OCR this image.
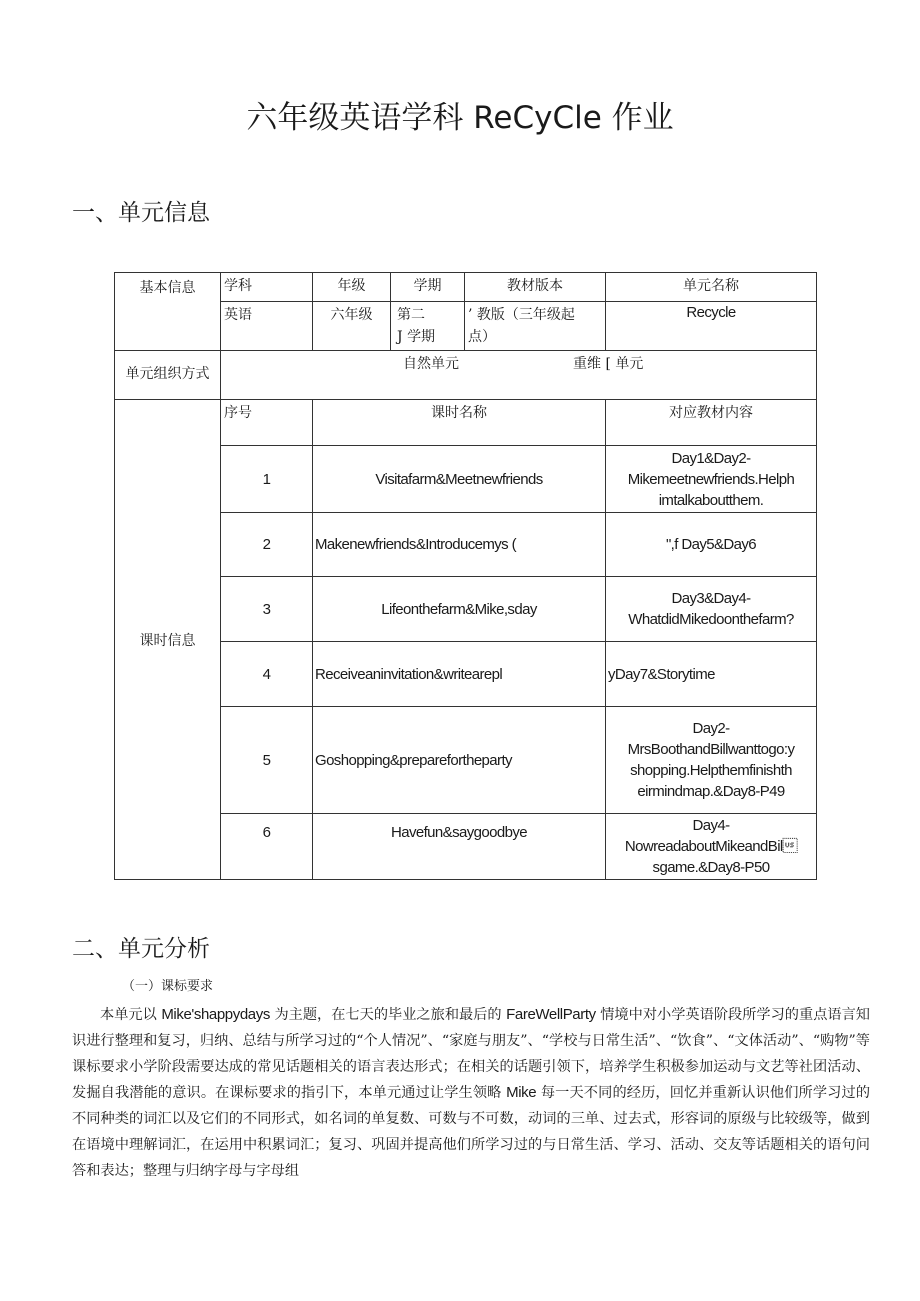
六年级英语学科 ReCyCle 作业
一、单元信息
基本信息	学科	年级	学期	教材版本	单元名称

	英语	六年级	第二
J 学期	’ 教版（三年级起
点）	Recycle

单元组织方式	自然单元 重维 [ 单元				

课时信息	序号	课时名称			对应教材内容

	1	Visitafarm&Meetnewfriends			Day1&Day2-
Mikemeetnewfriends.Helph
imtalkaboutthem.
	2	Makenewfriends&Introducemys (			",f Day5&Day6
	3	Lifeonthefarm&Mike,sday			Day3&Day4-
WhatdidMikedoonthefarm?
	4	Receiveaninvitation&writearepl			yDay7&Storytime
	5	Goshopping&preparefortheparty			Day2-
MrsBoothandBillwanttogo:y
shopping.Helpthemfinishth
eirmindmap.&Day8-P49
	6	Havefun&saygoodbye			Day4-
NowreadaboutMikeandBil
sgame.&Day8-P50
二、单元分析
（一）课标要求

本单元以 Mike'shappydays 为主题，在七天的毕业之旅和最后的 FareWellParty 情境中对小学英语阶段所学习的重点语言知识进行整理和复习，归纳、总结与所学习过的“个人情况”、“家庭与朋友”、“学校与日常生活”、“饮食”、“文体活动”、“购物”等课标要求小学阶段需要达成的常见话题相关的语言表达形式；在相关的话题引领下，培养学生积极参加运动与文艺等社团活动、发掘自我潜能的意识。在课标要求的指引下，本单元通过让学生领略 Mike 每一天不同的经历，回忆并重新认识他们所学习过的不同种类的词汇以及它们的不同形式，如名词的单复数、可数与不可数，动词的三单、过去式，形容词的原级与比较级等，做到在语境中理解词汇，在运用中积累词汇；复习、巩固并提高他们所学习过的与日常生活、学习、活动、交友等话题相关的语句问答和表达；整理与归纳字母与字母组
